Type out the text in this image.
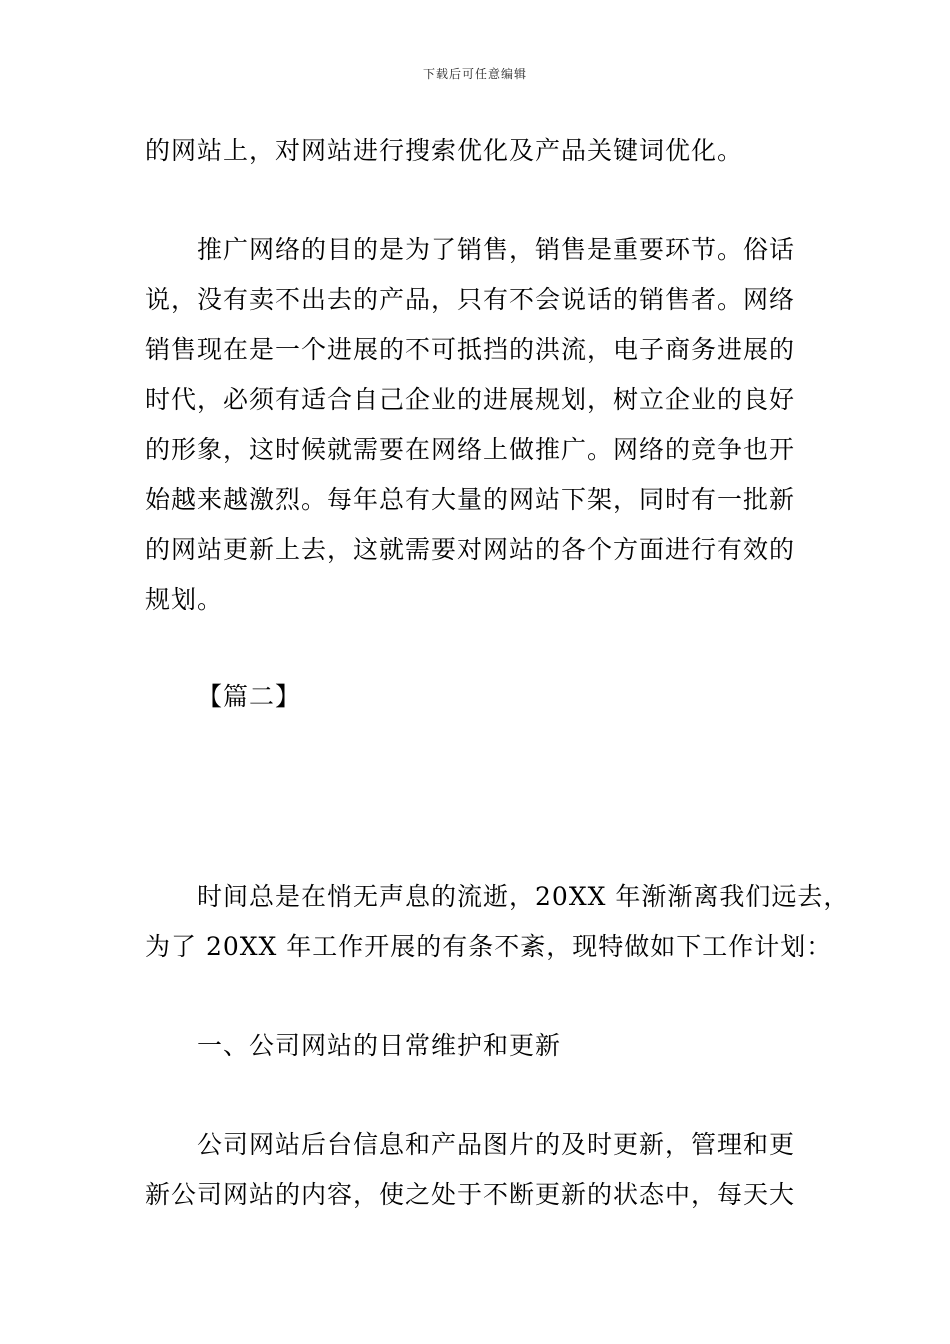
下载后可任意编辑
的网站上，对网站进行搜索优化及产品关键词优化。
推广网络的目的是为了销售，销售是重要环节。俗话
说，没有卖不出去的产品，只有不会说话的销售者。网络
销售现在是一个进展的不可抵挡的洪流，电子商务进展的
时代，必须有适合自己企业的进展规划，树立企业的良好
的形象，这时候就需要在网络上做推广。网络的竞争也开
始越来越激烈。每年总有大量的网站下架，同时有一批新
的网站更新上去，这就需要对网站的各个方面进行有效的
规划。
【篇二】
时间总是在悄无声息的流逝，20XX 年渐渐离我们远去，
为了 20XX 年工作开展的有条不紊，现特做如下工作计划：
一、公司网站的日常维护和更新
公司网站后台信息和产品图片的及时更新，管理和更
新公司网站的内容，使之处于不断更新的状态中，每天大
